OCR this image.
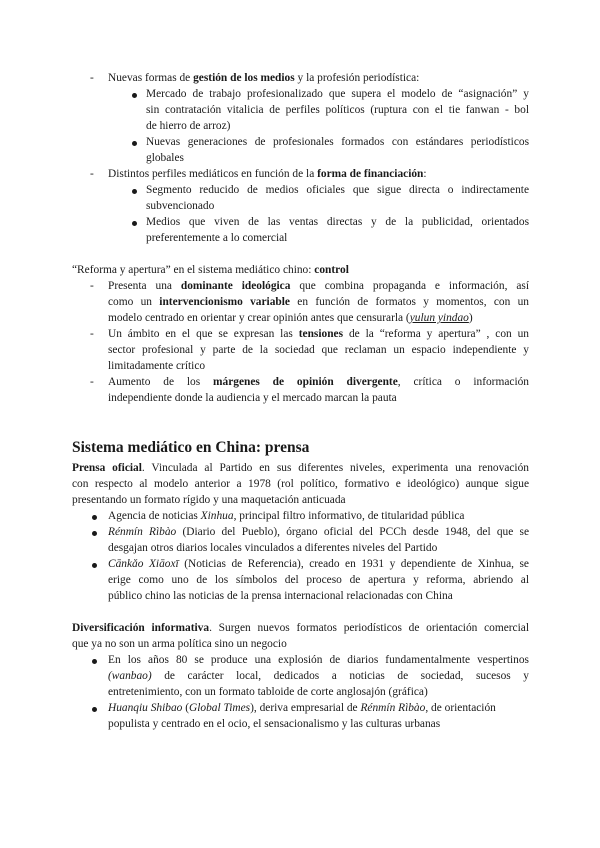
- Nuevas formas de gestión de los medios y la profesión periodística:
Mercado de trabajo profesionalizado que supera el modelo de “asignación” y
sin contratación vitalicia de perfiles políticos (ruptura con el tie fanwan - bol
de hierro de arroz)
Nuevas generaciones de profesionales formados con estándares periodísticos
globales
- Distintos perfiles mediáticos en función de la forma de financiación:
Segmento reducido de medios oficiales que sigue directa o indirectamente
subvencionado
Medios que viven de las ventas directas y de la publicidad, orientados
preferentemente a lo comercial
“Reforma y apertura” en el sistema mediático chino: control
- Presenta una dominante ideológica que combina propaganda e información, así
como un intervencionismo variable en función de formatos y momentos, con un
modelo centrado en orientar y crear opinión antes que censurarla (yulun yindao)
- Un ámbito en el que se expresan las tensiones de la “reforma y apertura” , con un
sector profesional y parte de la sociedad que reclaman un espacio independiente y
limitadamente crítico
- Aumento de los márgenes de opinión divergente, crítica o información
independiente donde la audiencia y el mercado marcan la pauta
Sistema mediático en China: prensa
Prensa oficial. Vinculada al Partido en sus diferentes niveles, experimenta una renovación
con respecto al modelo anterior a 1978 (rol político, formativo e ideológico) aunque sigue
presentando un formato rígido y una maquetación anticuada
Agencia de noticias Xinhua, principal filtro informativo, de titularidad pública
Rénmín Rìbào (Diario del Pueblo), órgano oficial del PCCh desde 1948, del que se
desgajan otros diarios locales vinculados a diferentes niveles del Partido
Cānkǎo Xiāoxī (Noticias de Referencia), creado en 1931 y dependiente de Xinhua, se
erige como uno de los símbolos del proceso de apertura y reforma, abriendo al
público chino las noticias de la prensa internacional relacionadas con China
Diversificación informativa. Surgen nuevos formatos periodísticos de orientación comercial
que ya no son un arma política sino un negocio
En los años 80 se produce una explosión de diarios fundamentalmente vespertinos
(wanbao) de carácter local, dedicados a noticias de sociedad, sucesos y
entretenimiento, con un formato tabloide de corte anglosajón (gráfica)
Huanqiu Shibao (Global Times), deriva empresarial de Rénmín Rìbào, de orientación
populista y centrado en el ocio, el sensacionalismo y las culturas urbanas
